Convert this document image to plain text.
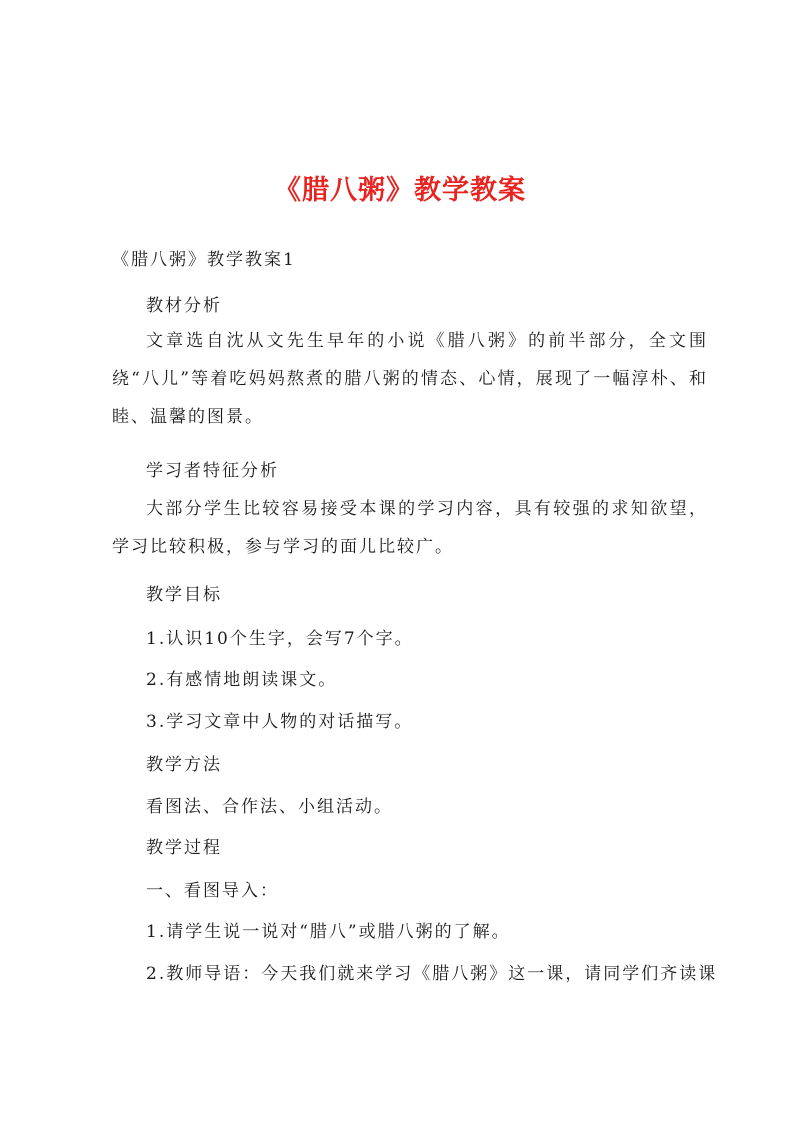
《腊八粥》教学教案
《腊八粥》教学教案1
教材分析

文章选自沈从文先生早年的小说《腊八粥》的前半部分，全文围绕“八儿”等着吃妈妈熬煮的腊八粥的情态、心情，展现了一幅淳朴、和睦、温馨的图景。

学习者特征分析

大部分学生比较容易接受本课的学习内容，具有较强的求知欲望，学习比较积极，参与学习的面儿比较广。

教学目标
1.认识10个生字，会写7个字。
2.有感情地朗读课文。
3.学习文章中人物的对话描写。
教学方法
看图法、合作法、小组活动。
教学过程
一、看图导入：
1.请学生说一说对“腊八”或腊八粥的了解。
2.教师导语：今天我们就来学习《腊八粥》这一课，请同学们齐读课
